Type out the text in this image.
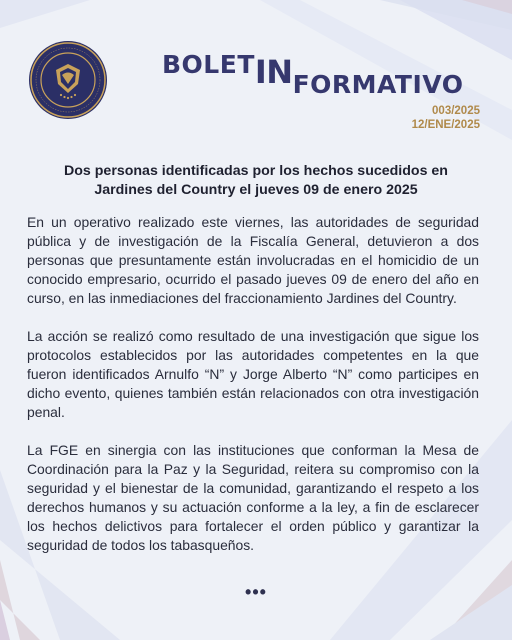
BOLETINFORMATIVO
003/2025
12/ENE/2025
Dos personas identificadas por los hechos sucedidos en
Jardines del Country el jueves 09 de enero 2025

En un operativo realizado este viernes, las autoridades de seguridad pública y de investigación de la Fiscalía General, detuvieron a dos personas que presuntamente están involucradas en el homicidio de un conocido empresario, ocurrido el pasado jueves 09 de enero del año en curso, en las inmediaciones del fraccionamiento Jardines del Country.

La acción se realizó como resultado de una investigación que sigue los protocolos establecidos por las autoridades competentes en la que fueron identificados Arnulfo “N” y Jorge Alberto “N” como participes en dicho evento, quienes también están relacionados con otra investigación penal.

La FGE en sinergia con las instituciones que conforman la Mesa de Coordinación para la Paz y la Seguridad, reitera su compromiso con la seguridad y el bienestar de la comunidad, garantizando el respeto a los derechos humanos y su actuación conforme a la ley, a fin de esclarecer los hechos delictivos para fortalecer el orden público y garantizar la seguridad de todos los tabasqueños.

•••
